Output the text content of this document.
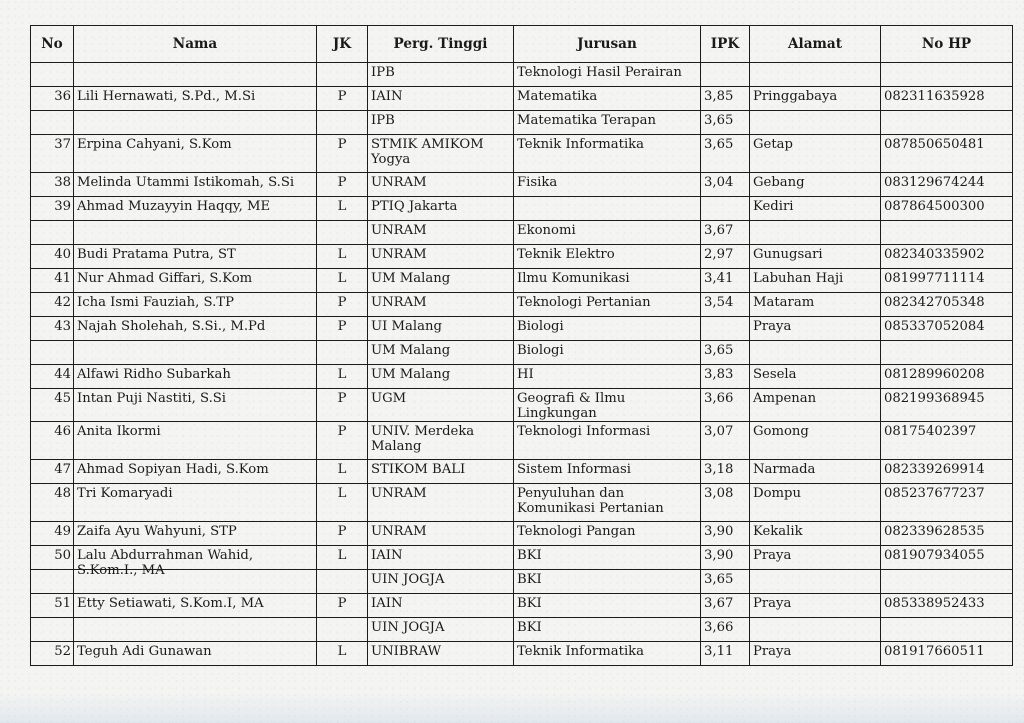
No	Nama	JK	Perg. Tinggi	Jurusan	IPK	Alamat	No HP
			IPB	Teknologi Hasil Perairan			
36	Lili Hernawati, S.Pd., M.Si	P	IAIN	Matematika	3,85	Pringgabaya	082311635928
			IPB	Matematika Terapan	3,65		
37	Erpina Cahyani, S.Kom	P	STMIK AMIKOM Yogya	Teknik Informatika	3,65	Getap	087850650481
38	Melinda Utammi Istikomah, S.Si	P	UNRAM	Fisika	3,04	Gebang	083129674244
39	Ahmad Muzayyin Haqqy, ME	L	PTIQ Jakarta			Kediri	087864500300
			UNRAM	Ekonomi	3,67		
40	Budi Pratama Putra, ST	L	UNRAM	Teknik Elektro	2,97	Gunugsari	082340335902
41	Nur Ahmad Giffari, S.Kom	L	UM Malang	Ilmu Komunikasi	3,41	Labuhan Haji	081997711114
42	Icha Ismi Fauziah, S.TP	P	UNRAM	Teknologi Pertanian	3,54	Mataram	082342705348
43	Najah Sholehah, S.Si., M.Pd	P	UI Malang	Biologi		Praya	085337052084
			UM Malang	Biologi	3,65		
44	Alfawi Ridho Subarkah	L	UM Malang	HI	3,83	Sesela	081289960208
45	Intan Puji Nastiti, S.Si	P	UGM	Geografi & Ilmu Lingkungan	3,66	Ampenan	082199368945
46	Anita Ikormi	P	UNIV. Merdeka Malang	Teknologi Informasi	3,07	Gomong	08175402397
47	Ahmad Sopiyan Hadi, S.Kom	L	STIKOM BALI	Sistem Informasi	3,18	Narmada	082339269914
48	Tri Komaryadi	L	UNRAM	Penyuluhan dan Komunikasi Pertanian	3,08	Dompu	085237677237
49	Zaifa Ayu Wahyuni, STP	P	UNRAM	Teknologi Pangan	3,90	Kekalik	082339628535
50	Lalu Abdurrahman Wahid, S.Kom.I., MA
	L	IAIN	BKI	3,90	Praya	081907934055
			UIN JOGJA	BKI	3,65		
51	Etty Setiawati, S.Kom.I, MA	P	IAIN	BKI	3,67	Praya	085338952433
			UIN JOGJA	BKI	3,66		
52	Teguh Adi Gunawan	L	UNIBRAW	Teknik Informatika	3,11	Praya	081917660511
